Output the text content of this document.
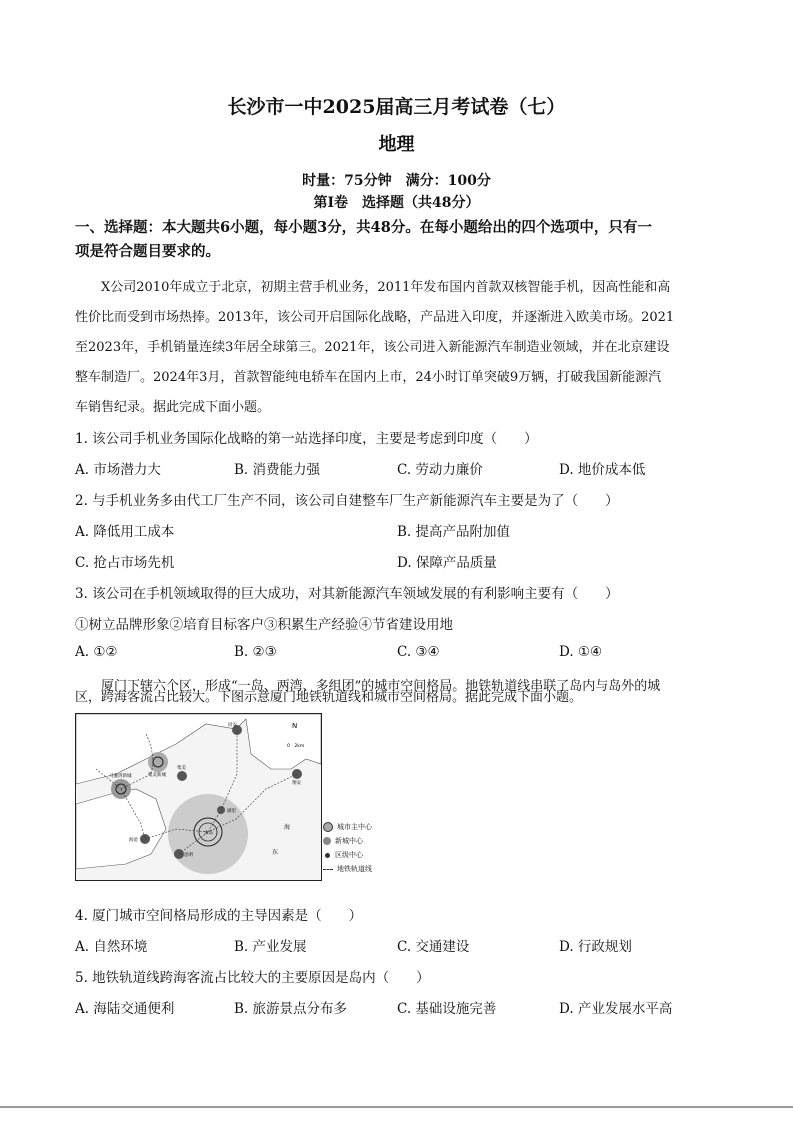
长沙市一中2025届高三月考试卷（七）
地理
时量：75分钟　满分：100分
第Ⅰ卷　选择题（共48分）
一、选择题：本大题共6小题，每小题3分，共48分。在每小题给出的四个选项中，只有一
项是符合题目要求的。
X公司2010年成立于北京，初期主营手机业务，2011年发布国内首款双核智能手机，因高性能和高
性价比而受到市场热捧。2013年，该公司开启国际化战略，产品进入印度，并逐渐进入欧美市场。2021
至2023年，手机销量连续3年居全球第三。2021年，该公司进入新能源汽车制造业领域，并在北京建设
整车制造厂。2024年3月，首款智能纯电轿车在国内上市，24小时订单突破9万辆，打破我国新能源汽
车销售纪录。据此完成下面小题。
1. 该公司手机业务国际化战略的第一站选择印度，主要是考虑到印度（　　）
A. 市场潜力大	B. 消费能力强	C. 劳动力廉价	D. 地价成本低
2. 与手机业务多由代工厂生产不同，该公司自建整车厂生产新能源汽车主要是为了（　　）
A. 降低用工成本	B. 提高产品附加值
C. 抢占市场先机	D. 保障产品质量
3. 该公司在手机领域取得的巨大成功，对其新能源汽车领域发展的有利影响主要有（　　）
①树立品牌形象②培育目标客户③积累生产经验④节省建设用地
A. ①②	B. ②③	C. ③④	D. ①④
厦门下辖六个区，形成“一岛、两湾、多组团”的城市空间格局。地铁轨道线串联了岛内与岛外的城
区，跨海客流占比较大。下图示意厦门地铁轨道线和城市空间格局。据此完成下面小题。
同安
马銮湾新城	集美新城
集美
翔安
湖里
本岛
海沧
思明
海
东
N
0　2km
城市主中心
新城中心
区级中心
地铁轨道线
4. 厦门城市空间格局形成的主导因素是（　　）
A. 自然环境	B. 产业发展	C. 交通建设	D. 行政规划
5. 地铁轨道线跨海客流占比较大的主要原因是岛内（　　）
A. 海陆交通便利	B. 旅游景点分布多	C. 基础设施完善	D. 产业发展水平高
